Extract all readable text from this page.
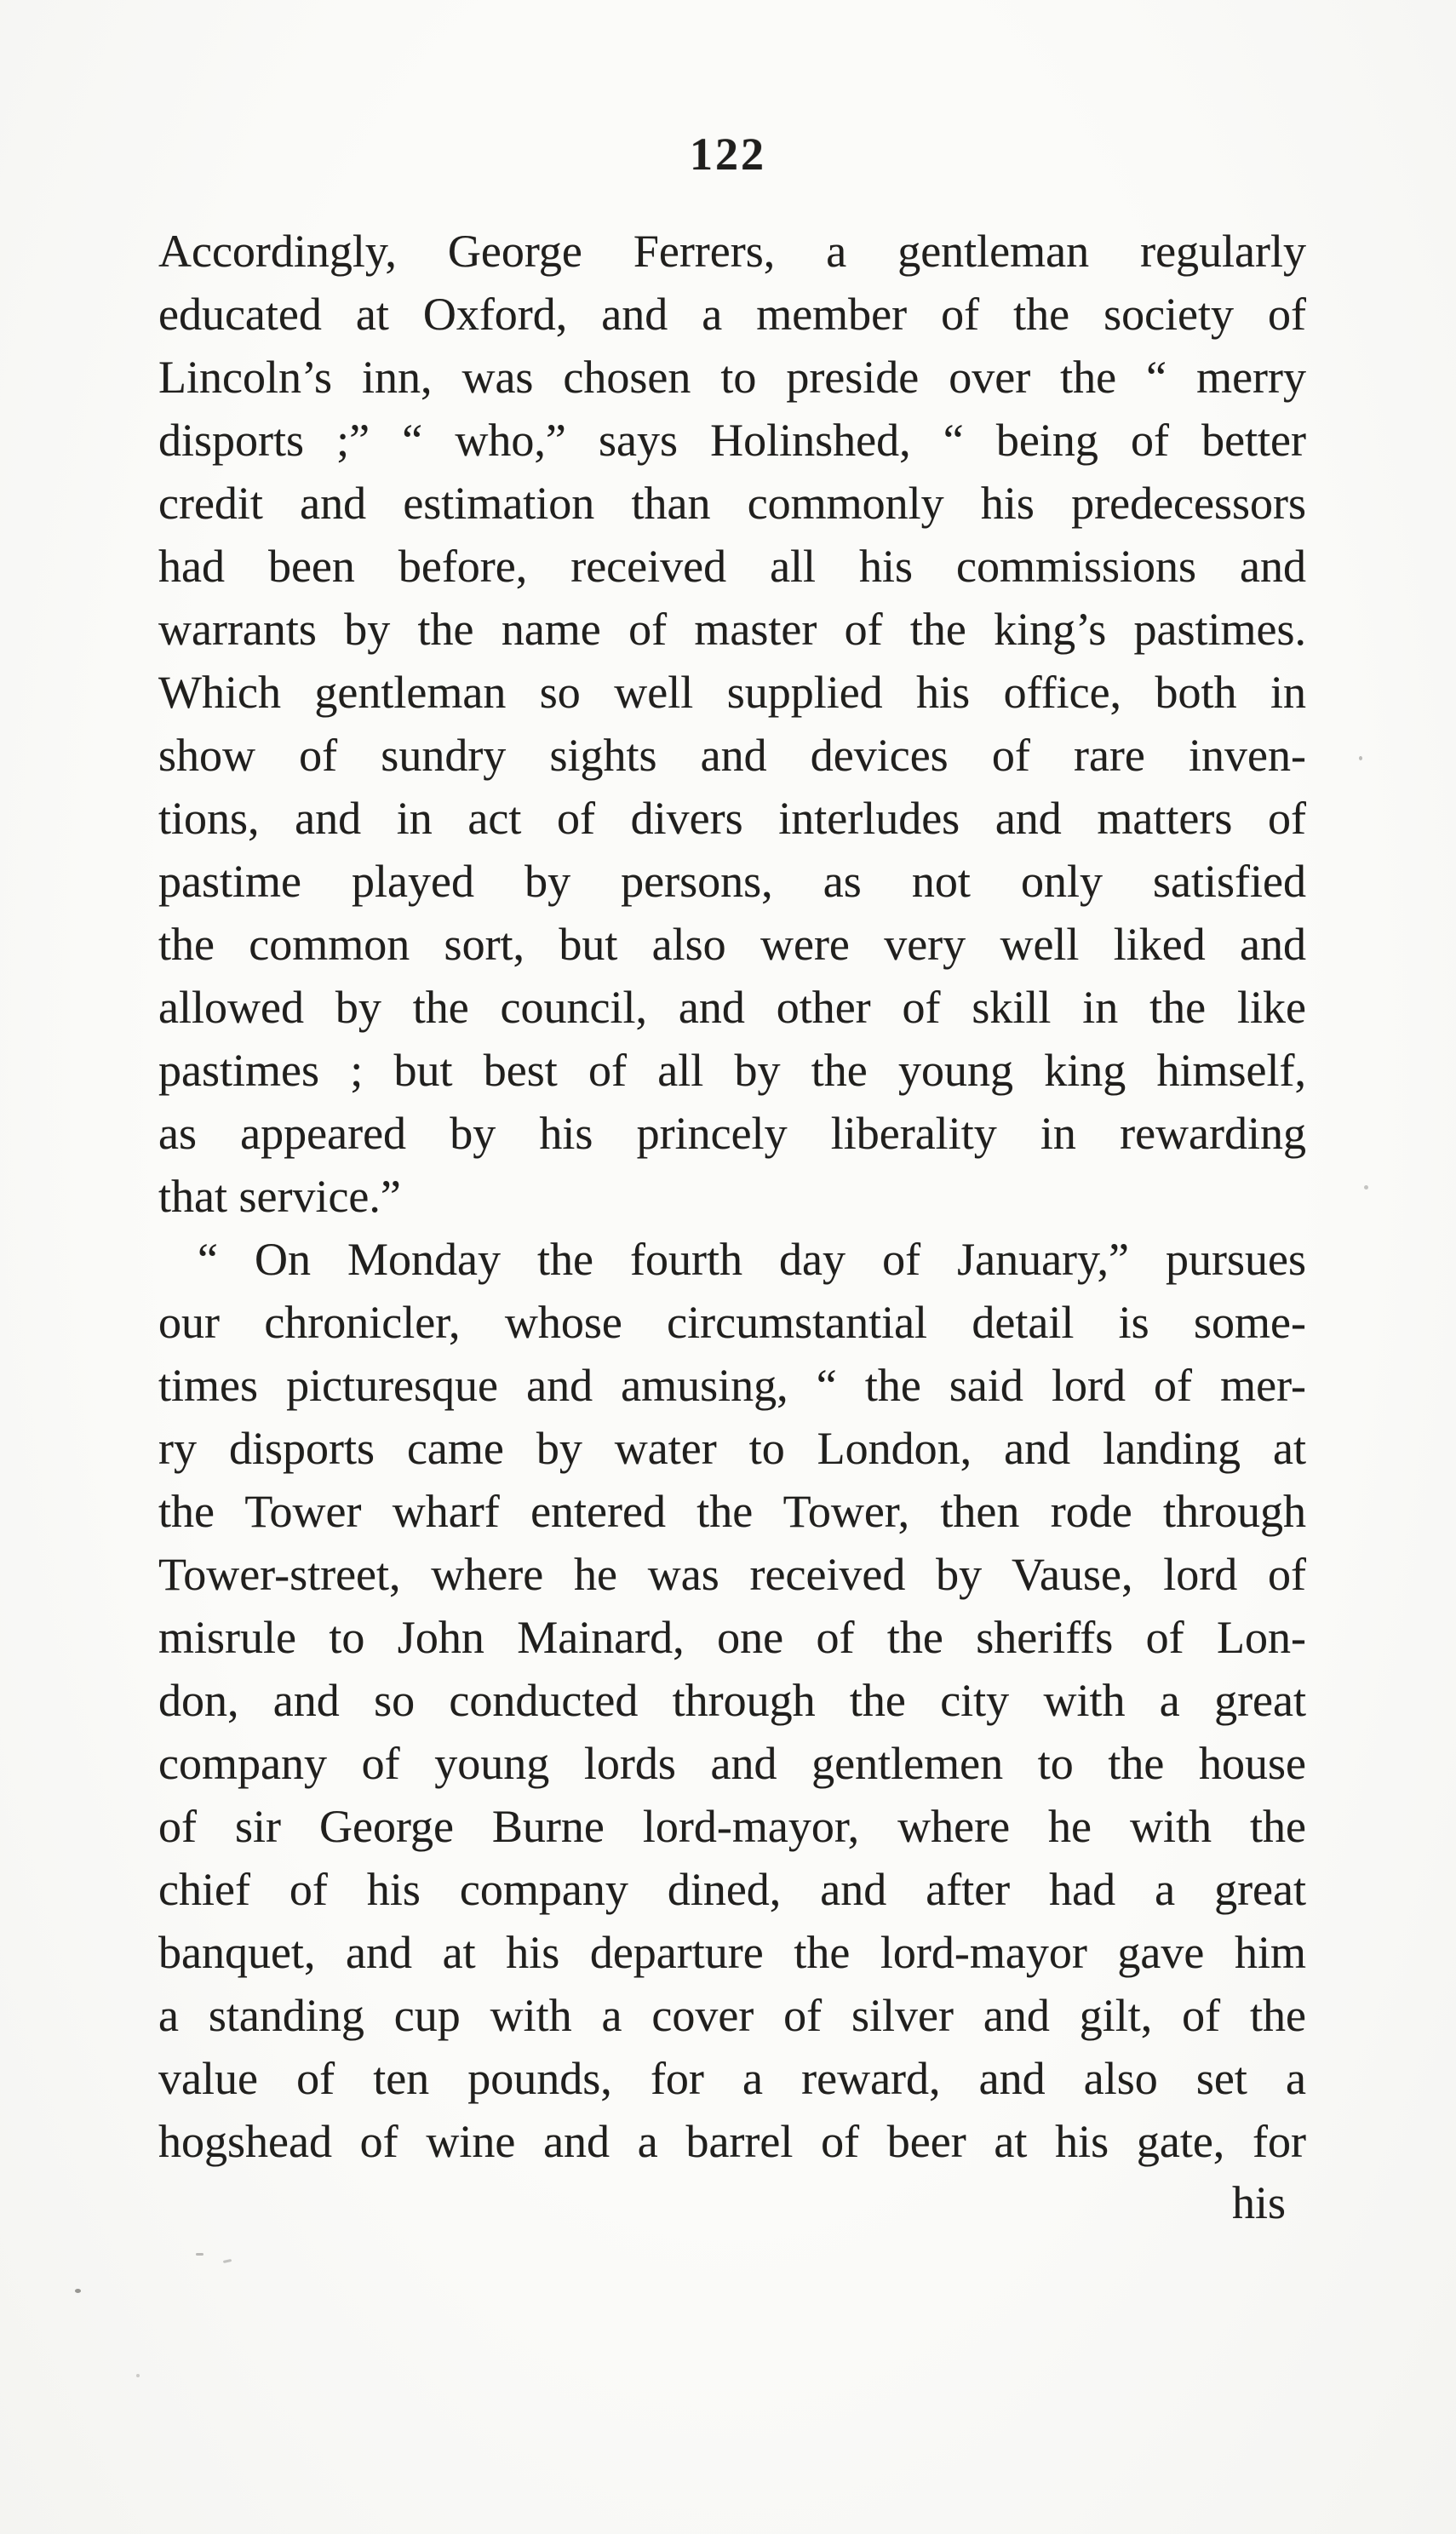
122
Accordingly, George Ferrers, a gentleman regularly
educated at Oxford, and a member of the society of
Lincoln’s inn, was chosen to preside over the “ merry
disports ;” “ who,” says Holinshed, “ being of better
credit and estimation than commonly his predecessors
had been before, received all his commissions and
warrants by the name of master of the king’s pastimes.
Which gentleman so well supplied his office, both in
show of sundry sights and devices of rare inven-
tions, and in act of divers interludes and matters of
pastime played by persons, as not only satisfied
the common sort, but also were very well liked and
allowed by the council, and other of skill in the like
pastimes ; but best of all by the young king himself,
as appeared by his princely liberality in rewarding
that service.”
“ On Monday the fourth day of January,” pursues
our chronicler, whose circumstantial detail is some-
times picturesque and amusing, “ the said lord of mer-
ry disports came by water to London, and landing at
the Tower wharf entered the Tower, then rode through
Tower-street, where he was received by Vause, lord of
misrule to John Mainard, one of the sheriffs of Lon-
don, and so conducted through the city with a great
company of young lords and gentlemen to the house
of sir George Burne lord-mayor, where he with the
chief of his company dined, and after had a great
banquet, and at his departure the lord-mayor gave him
a standing cup with a cover of silver and gilt, of the
value of ten pounds, for a reward, and also set a
hogshead of wine and a barrel of beer at his gate, for
his
